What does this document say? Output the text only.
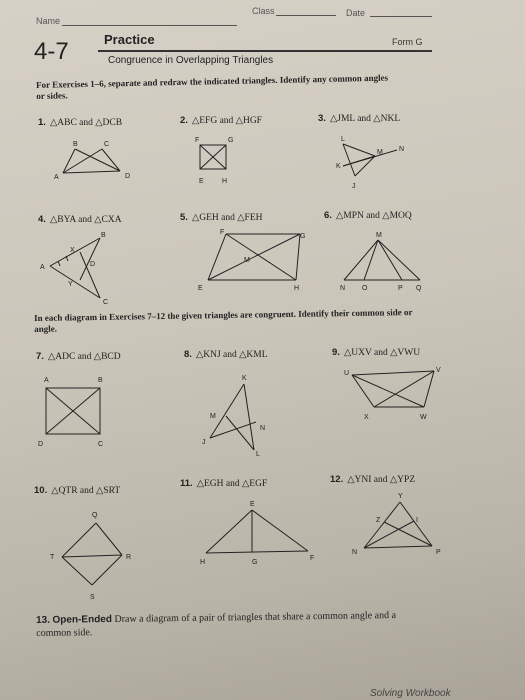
Name
Class	Date
4-7	Practice	Form G
Congruence in Overlapping Triangles
For Exercises 1–6, separate and redraw the indicated triangles. Identify any common angles or sides.
1. △ABC and △DCB	2. △EFG and △HGF	3. △JML and △NKL
B	C
A	D
F	G
E	H
L
M N
K
J
4. △BYA and △CXA	5. △GEH and △FEH	6. △MPN and △MOQ
B
X
D
A
Y
C
F
G
M
E	H
M
N O	P Q
In each diagram in Exercises 7–12 the given triangles are congruent. Identify their common side or angle.
7. △ADC and △BCD	8. △KNJ and △KML	9. △UXV and △VWU
A	B
D	C
K
M
N
J
L
U	V
X	W
10. △QTR and △SRT
11. △EGH and △EGF	12. △YNI and △YPZ
Q
T	R
S
E
H	G
F
Y
Z	I
N	P
13. Open-Ended Draw a diagram of a pair of triangles that share a common angle and a common side.
Solving Workbook
